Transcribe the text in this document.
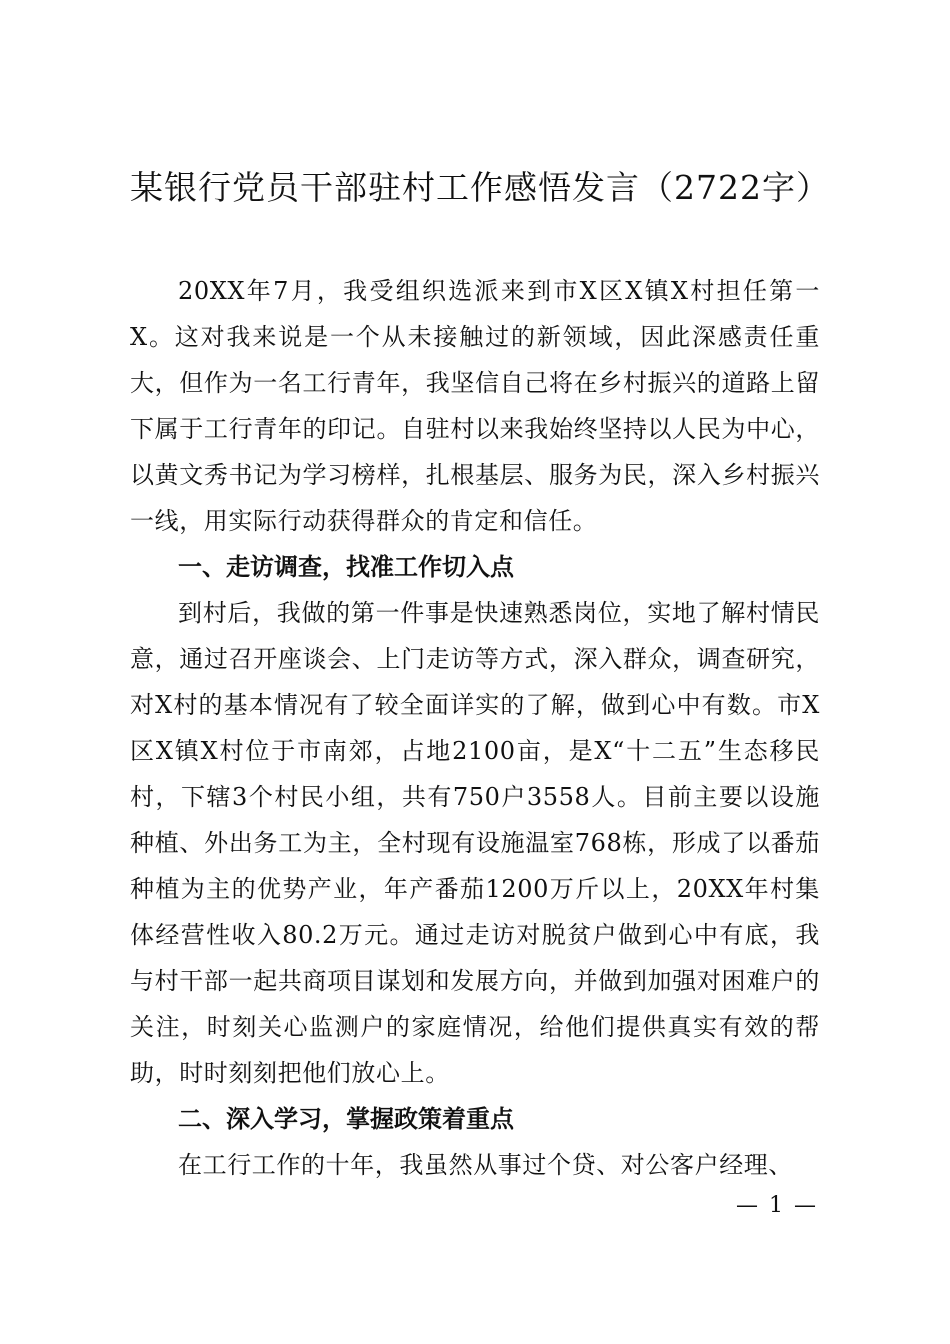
某银行党员干部驻村工作感悟发言（2722字）

20XX年7月，我受组织选派来到市X区X镇X村担任第一X。这对我来说是一个从未接触过的新领域，因此深感责任重大，但作为一名工行青年，我坚信自己将在乡村振兴的道路上留下属于工行青年的印记。自驻村以来我始终坚持以人民为中心，以黄文秀书记为学习榜样，扎根基层、服务为民，深入乡村振兴一线，用实际行动获得群众的肯定和信任。

一、走访调查，找准工作切入点

到村后，我做的第一件事是快速熟悉岗位，实地了解村情民意，通过召开座谈会、上门走访等方式，深入群众，调查研究，对X村的基本情况有了较全面详实的了解，做到心中有数。市X区X镇X村位于市南郊，占地2100亩，是X“十二五”生态移民村，下辖3个村民小组，共有750户3558人。目前主要以设施种植、外出务工为主，全村现有设施温室768栋，形成了以番茄种植为主的优势产业，年产番茄1200万斤以上，20XX年村集体经营性收入80.2万元。通过走访对脱贫户做到心中有底，我与村干部一起共商项目谋划和发展方向，并做到加强对困难户的关注，时刻关心监测户的家庭情况，给他们提供真实有效的帮助，时时刻刻把他们放心上。

二、深入学习，掌握政策着重点

在工行工作的十年，我虽然从事过个贷、对公客户经理、

— 1 —
